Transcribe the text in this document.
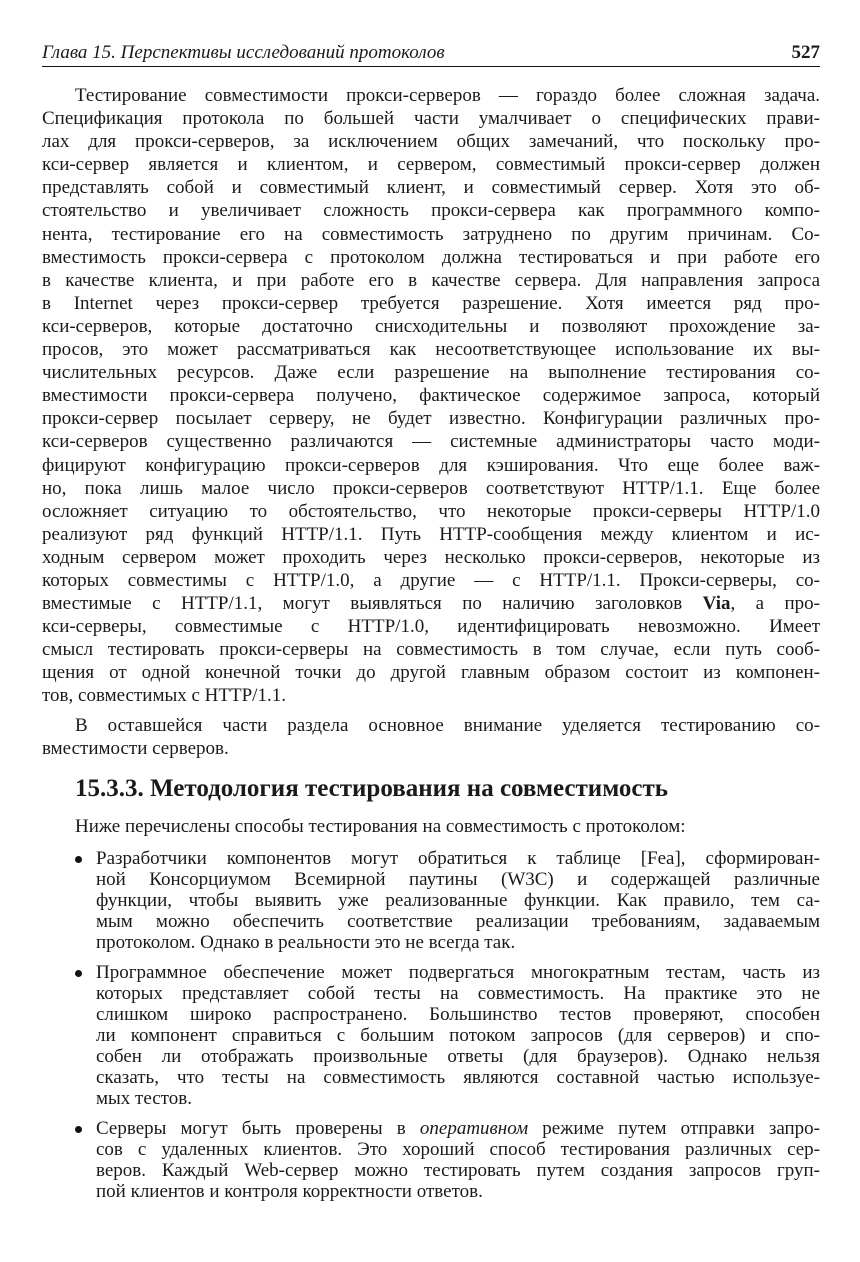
Глава 15. Перспективы исследований протоколов	527
Тестирование совместимости прокси-серверов — гораздо более сложная задача.
Спецификация протокола по большей части умалчивает о специфических прави-
лах для прокси-серверов, за исключением общих замечаний, что поскольку про-
кси-сервер является и клиентом, и сервером, совместимый прокси-сервер должен
представлять собой и совместимый клиент, и совместимый сервер. Хотя это об-
стоятельство и увеличивает сложность прокси-сервера как программного компо-
нента, тестирование его на совместимость затруднено по другим причинам. Со-
вместимость прокси-сервера с протоколом должна тестироваться и при работе его
в качестве клиента, и при работе его в качестве сервера. Для направления запроса
в Internet через прокси-сервер требуется разрешение. Хотя имеется ряд про-
кси-серверов, которые достаточно снисходительны и позволяют прохождение за-
просов, это может рассматриваться как несоответствующее использование их вы-
числительных ресурсов. Даже если разрешение на выполнение тестирования со-
вместимости прокси-сервера получено, фактическое содержимое запроса, который
прокси-сервер посылает серверу, не будет известно. Конфигурации различных про-
кси-серверов существенно различаются — системные администраторы часто моди-
фицируют конфигурацию прокси-серверов для кэширования. Что еще более важ-
но, пока лишь малое число прокси-серверов соответствуют HTTP/1.1. Еще более
осложняет ситуацию то обстоятельство, что некоторые прокси-серверы HTTP/1.0
реализуют ряд функций HTTP/1.1. Путь HTTP-сообщения между клиентом и ис-
ходным сервером может проходить через несколько прокси-серверов, некоторые из
которых совместимы с HTTP/1.0, а другие — с HTTP/1.1. Прокси-серверы, со-
вместимые с HTTP/1.1, могут выявляться по наличию заголовков Via, а про-
кси-серверы, совместимые с HTTP/1.0, идентифицировать невозможно. Имеет
смысл тестировать прокси-серверы на совместимость в том случае, если путь сооб-
щения от одной конечной точки до другой главным образом состоит из компонен-
тов, совместимых с HTTP/1.1.
В оставшейся части раздела основное внимание уделяется тестированию со-
вместимости серверов.
15.3.3. Методология тестирования на совместимость
Ниже перечислены способы тестирования на совместимость с протоколом:
Разработчики компонентов могут обратиться к таблице [Fea], сформирован-
ной Консорциумом Всемирной паутины (W3C) и содержащей различные
функции, чтобы выявить уже реализованные функции. Как правило, тем са-
мым можно обеспечить соответствие реализации требованиям, задаваемым
протоколом. Однако в реальности это не всегда так.
Программное обеспечение может подвергаться многократным тестам, часть из
которых представляет собой тесты на совместимость. На практике это не
слишком широко распространено. Большинство тестов проверяют, способен
ли компонент справиться с большим потоком запросов (для серверов) и спо-
собен ли отображать произвольные ответы (для браузеров). Однако нельзя
сказать, что тесты на совместимость являются составной частью используе-
мых тестов.
Серверы могут быть проверены в оперативном режиме путем отправки запро-
сов с удаленных клиентов. Это хороший способ тестирования различных сер-
веров. Каждый Web-сервер можно тестировать путем создания запросов груп-
пой клиентов и контроля корректности ответов.
